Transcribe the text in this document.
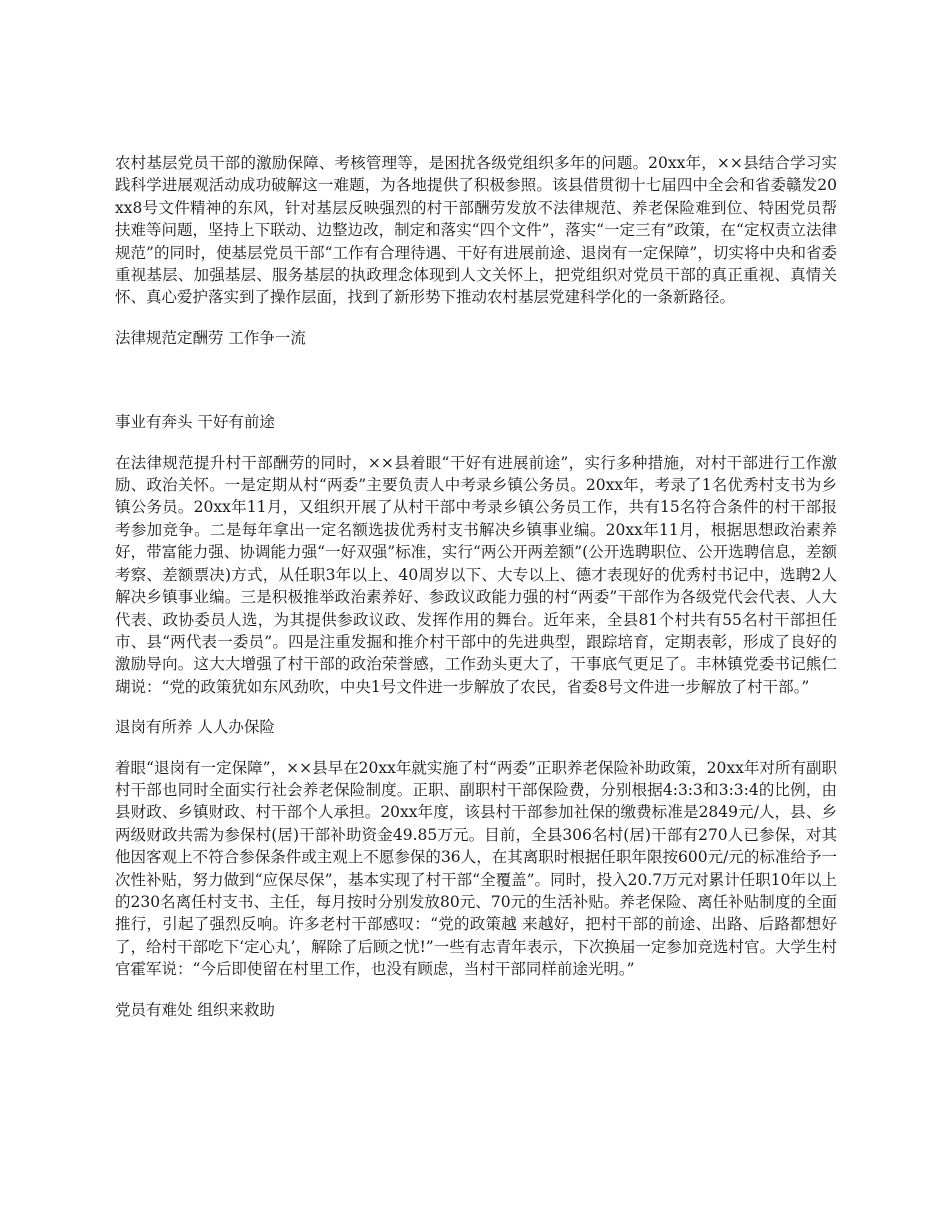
农村基层党员干部的激励保障、考核管理等，是困扰各级党组织多年的问题。20xx年，××县结合学习实践科学进展观活动成功破解这一难题，为各地提供了积极参照。该县借贯彻十七届四中全会和省委赣发20xx8号文件精神的东风，针对基层反映强烈的村干部酬劳发放不法律规范、养老保险难到位、特困党员帮扶难等问题，坚持上下联动、边整边改，制定和落实“四个文件”，落实“一定三有”政策，在“定权责立法律规范”的同时，使基层党员干部“工作有合理待遇、干好有进展前途、退岗有一定保障”，切实将中央和省委重视基层、加强基层、服务基层的执政理念体现到人文关怀上，把党组织对党员干部的真正重视、真情关怀、真心爱护落实到了操作层面，找到了新形势下推动农村基层党建科学化的一条新路径。

法律规范定酬劳 工作争一流

事业有奔头 干好有前途

在法律规范提升村干部酬劳的同时，××县着眼“干好有进展前途”，实行多种措施，对村干部进行工作激励、政治关怀。一是定期从村“两委”主要负责人中考录乡镇公务员。20xx年，考录了1名优秀村支书为乡镇公务员。20xx年11月，又组织开展了从村干部中考录乡镇公务员工作，共有15名符合条件的村干部报考参加竞争。二是每年拿出一定名额选拔优秀村支书解决乡镇事业编。20xx年11月，根据思想政治素养好，带富能力强、协调能力强“一好双强”标准，实行“两公开两差额”(公开选聘职位、公开选聘信息，差额考察、差额票决)方式，从任职3年以上、40周岁以下、大专以上、德才表现好的优秀村书记中，选聘2人解决乡镇事业编。三是积极推举政治素养好、参政议政能力强的村“两委”干部作为各级党代会代表、人大代表、政协委员人选，为其提供参政议政、发挥作用的舞台。近年来，全县81个村共有55名村干部担任市、县“两代表一委员”。四是注重发掘和推介村干部中的先进典型，跟踪培育，定期表彰，形成了良好的激励导向。这大大增强了村干部的政治荣誉感，工作劲头更大了，干事底气更足了。丰林镇党委书记熊仁瑚说：“党的政策犹如东风劲吹，中央1号文件进一步解放了农民，省委8号文件进一步解放了村干部。”

退岗有所养 人人办保险

着眼“退岗有一定保障”，××县早在20xx年就实施了村“两委”正职养老保险补助政策，20xx年对所有副职村干部也同时全面实行社会养老保险制度。正职、副职村干部保险费，分别根据4:3:3和3:3:4的比例，由县财政、乡镇财政、村干部个人承担。20xx年度，该县村干部参加社保的缴费标准是2849元/人，县、乡两级财政共需为参保村(居)干部补助资金49.85万元。目前，全县306名村(居)干部有270人已参保，对其他因客观上不符合参保条件或主观上不愿参保的36人，在其离职时根据任职年限按600元/元的标准给予一次性补贴，努力做到“应保尽保”，基本实现了村干部“全覆盖”。同时，投入20.7万元对累计任职10年以上的230名离任村支书、主任，每月按时分别发放80元、70元的生活补贴。养老保险、离任补贴制度的全面推行，引起了强烈反响。许多老村干部感叹：“党的政策越 来越好，把村干部的前途、出路、后路都想好了，给村干部吃下‘定心丸’，解除了后顾之忧!”一些有志青年表示，下次换届一定参加竞选村官。大学生村官霍军说：“今后即使留在村里工作，也没有顾虑，当村干部同样前途光明。”

党员有难处 组织来救助
